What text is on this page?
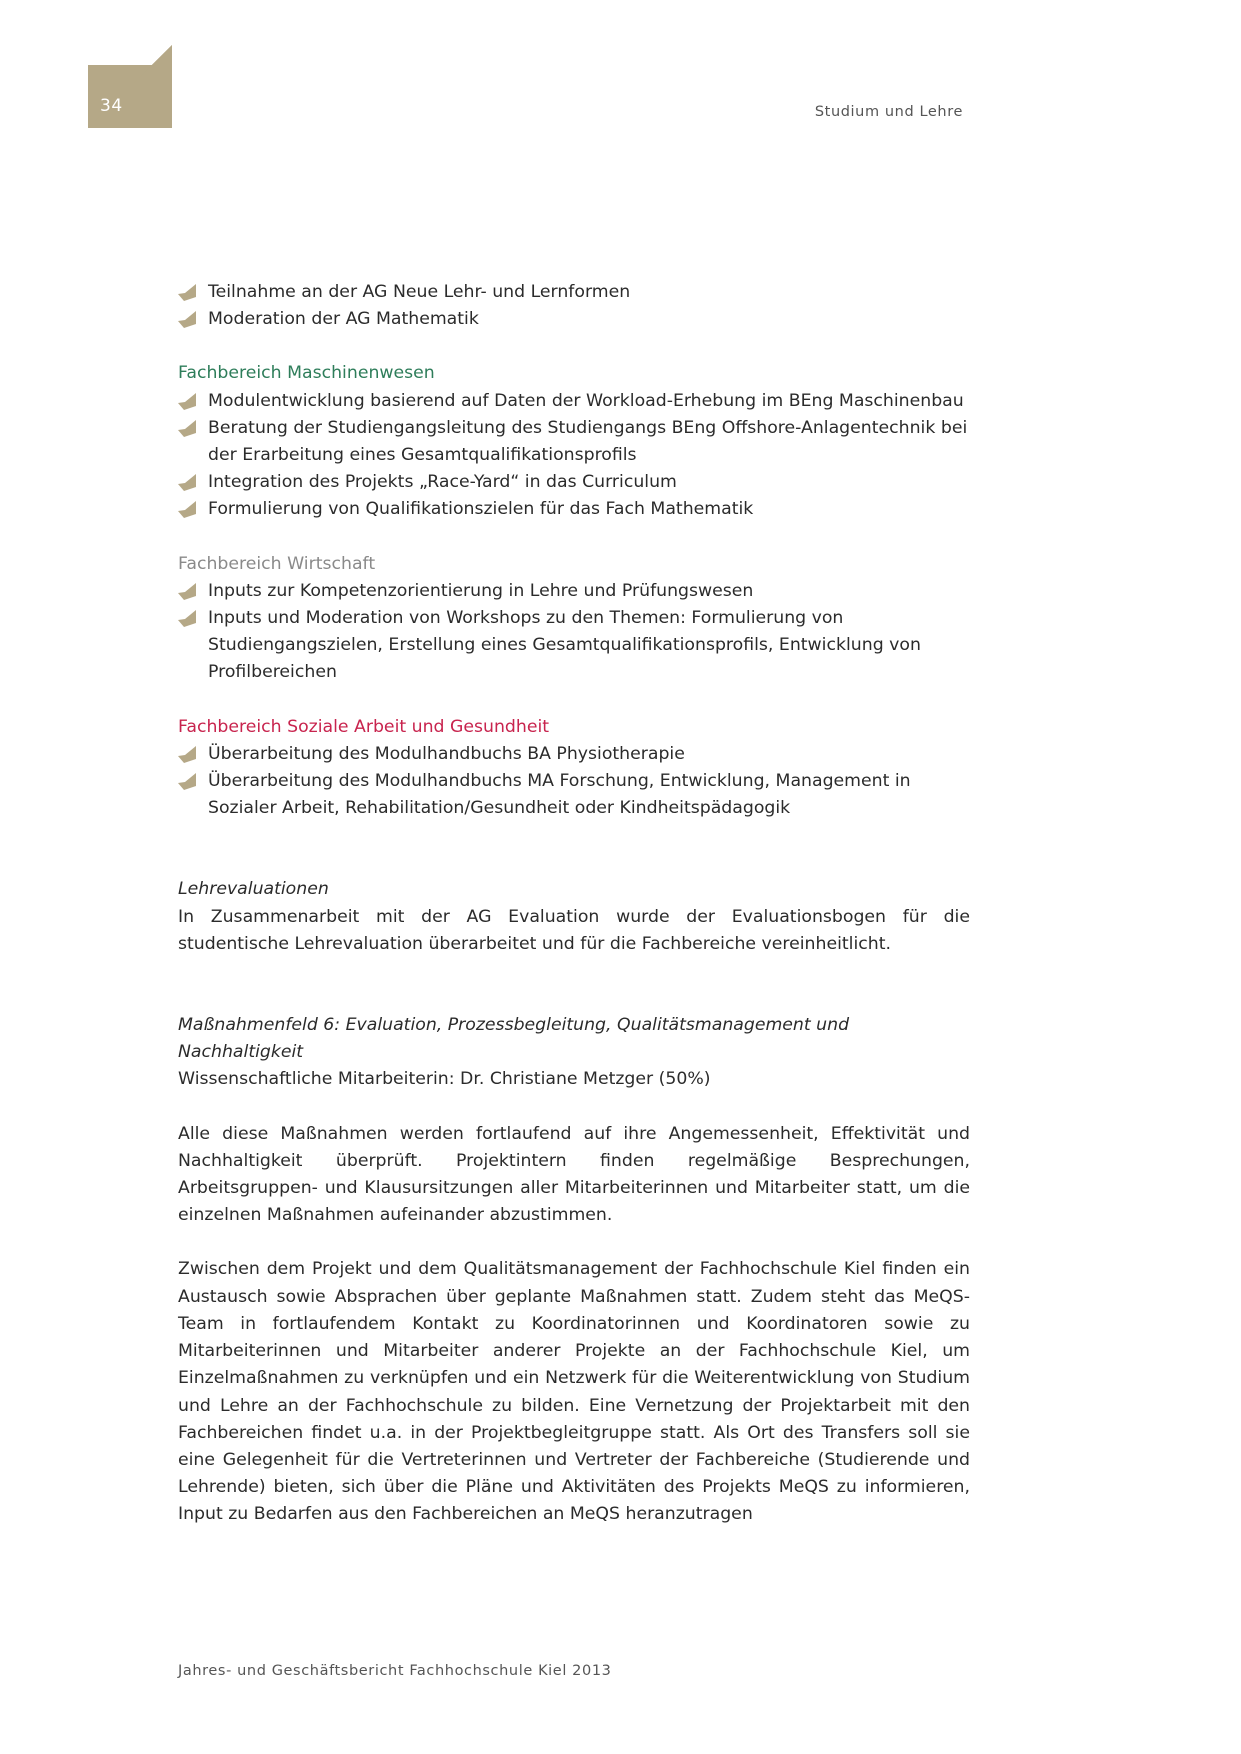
34	Studium und Lehre
Teilnahme an der AG Neue Lehr- und Lernformen
Moderation der AG Mathematik
Fachbereich Maschinenwesen
Modulentwicklung basierend auf Daten der Workload-Erhebung im BEng Maschinenbau
Beratung der Studiengangsleitung des Studiengangs BEng Offshore-Anlagentechnik bei der Erarbeitung eines Gesamtqualifikationsprofils
Integration des Projekts „Race-Yard“ in das Curriculum
Formulierung von Qualifikationszielen für das Fach Mathematik
Fachbereich Wirtschaft
Inputs zur Kompetenzorientierung in Lehre und Prüfungswesen
Inputs und Moderation von Workshops zu den Themen: Formulierung von Studiengangszielen, Erstellung eines Gesamtqualifikationsprofils, Entwicklung von Profilbereichen
Fachbereich Soziale Arbeit und Gesundheit
Überarbeitung des Modulhandbuchs BA Physiotherapie
Überarbeitung des Modulhandbuchs MA Forschung, Entwicklung, Management in Sozialer Arbeit, Rehabilitation/Gesundheit oder Kindheitspädagogik

Lehrevaluationen

In Zusammenarbeit mit der AG Evaluation wurde der Evaluationsbogen für die studentische Lehrevaluation überarbeitet und für die Fachbereiche vereinheitlicht.

Maßnahmenfeld 6: Evaluation, Prozessbegleitung, Qualitätsmanagement und Nachhaltigkeit

Wissenschaftliche Mitarbeiterin: Dr. Christiane Metzger (50%)

Alle diese Maßnahmen werden fortlaufend auf ihre Angemessenheit, Effektivität und Nachhaltigkeit überprüft. Projektintern finden regelmäßige Besprechungen, Arbeitsgruppen- und Klausursitzungen aller Mitarbeiterinnen und Mitarbeiter statt, um die einzelnen Maßnahmen aufeinander abzustimmen.

Zwischen dem Projekt und dem Qualitätsmanagement der Fachhochschule Kiel finden ein Austausch sowie Absprachen über geplante Maßnahmen statt. Zudem steht das MeQS-Team in fortlaufendem Kontakt zu Koordinatorinnen und Koordinatoren sowie zu Mitarbeiterinnen und Mitarbeiter anderer Projekte an der Fachhochschule Kiel, um Einzelmaßnahmen zu verknüpfen und ein Netzwerk für die Weiterentwicklung von Studium und Lehre an der Fachhochschule zu bilden. Eine Vernetzung der Projektarbeit mit den Fachbereichen findet u.a. in der Projektbegleitgruppe statt. Als Ort des Transfers soll sie eine Gelegenheit für die Vertreterinnen und Vertreter der Fachbereiche (Studierende und Lehrende) bieten, sich über die Pläne und Aktivitäten des Projekts MeQS zu informieren, Input zu Bedarfen aus den Fachbereichen an MeQS heranzutragen

Jahres- und Geschäftsbericht Fachhochschule Kiel 2013
